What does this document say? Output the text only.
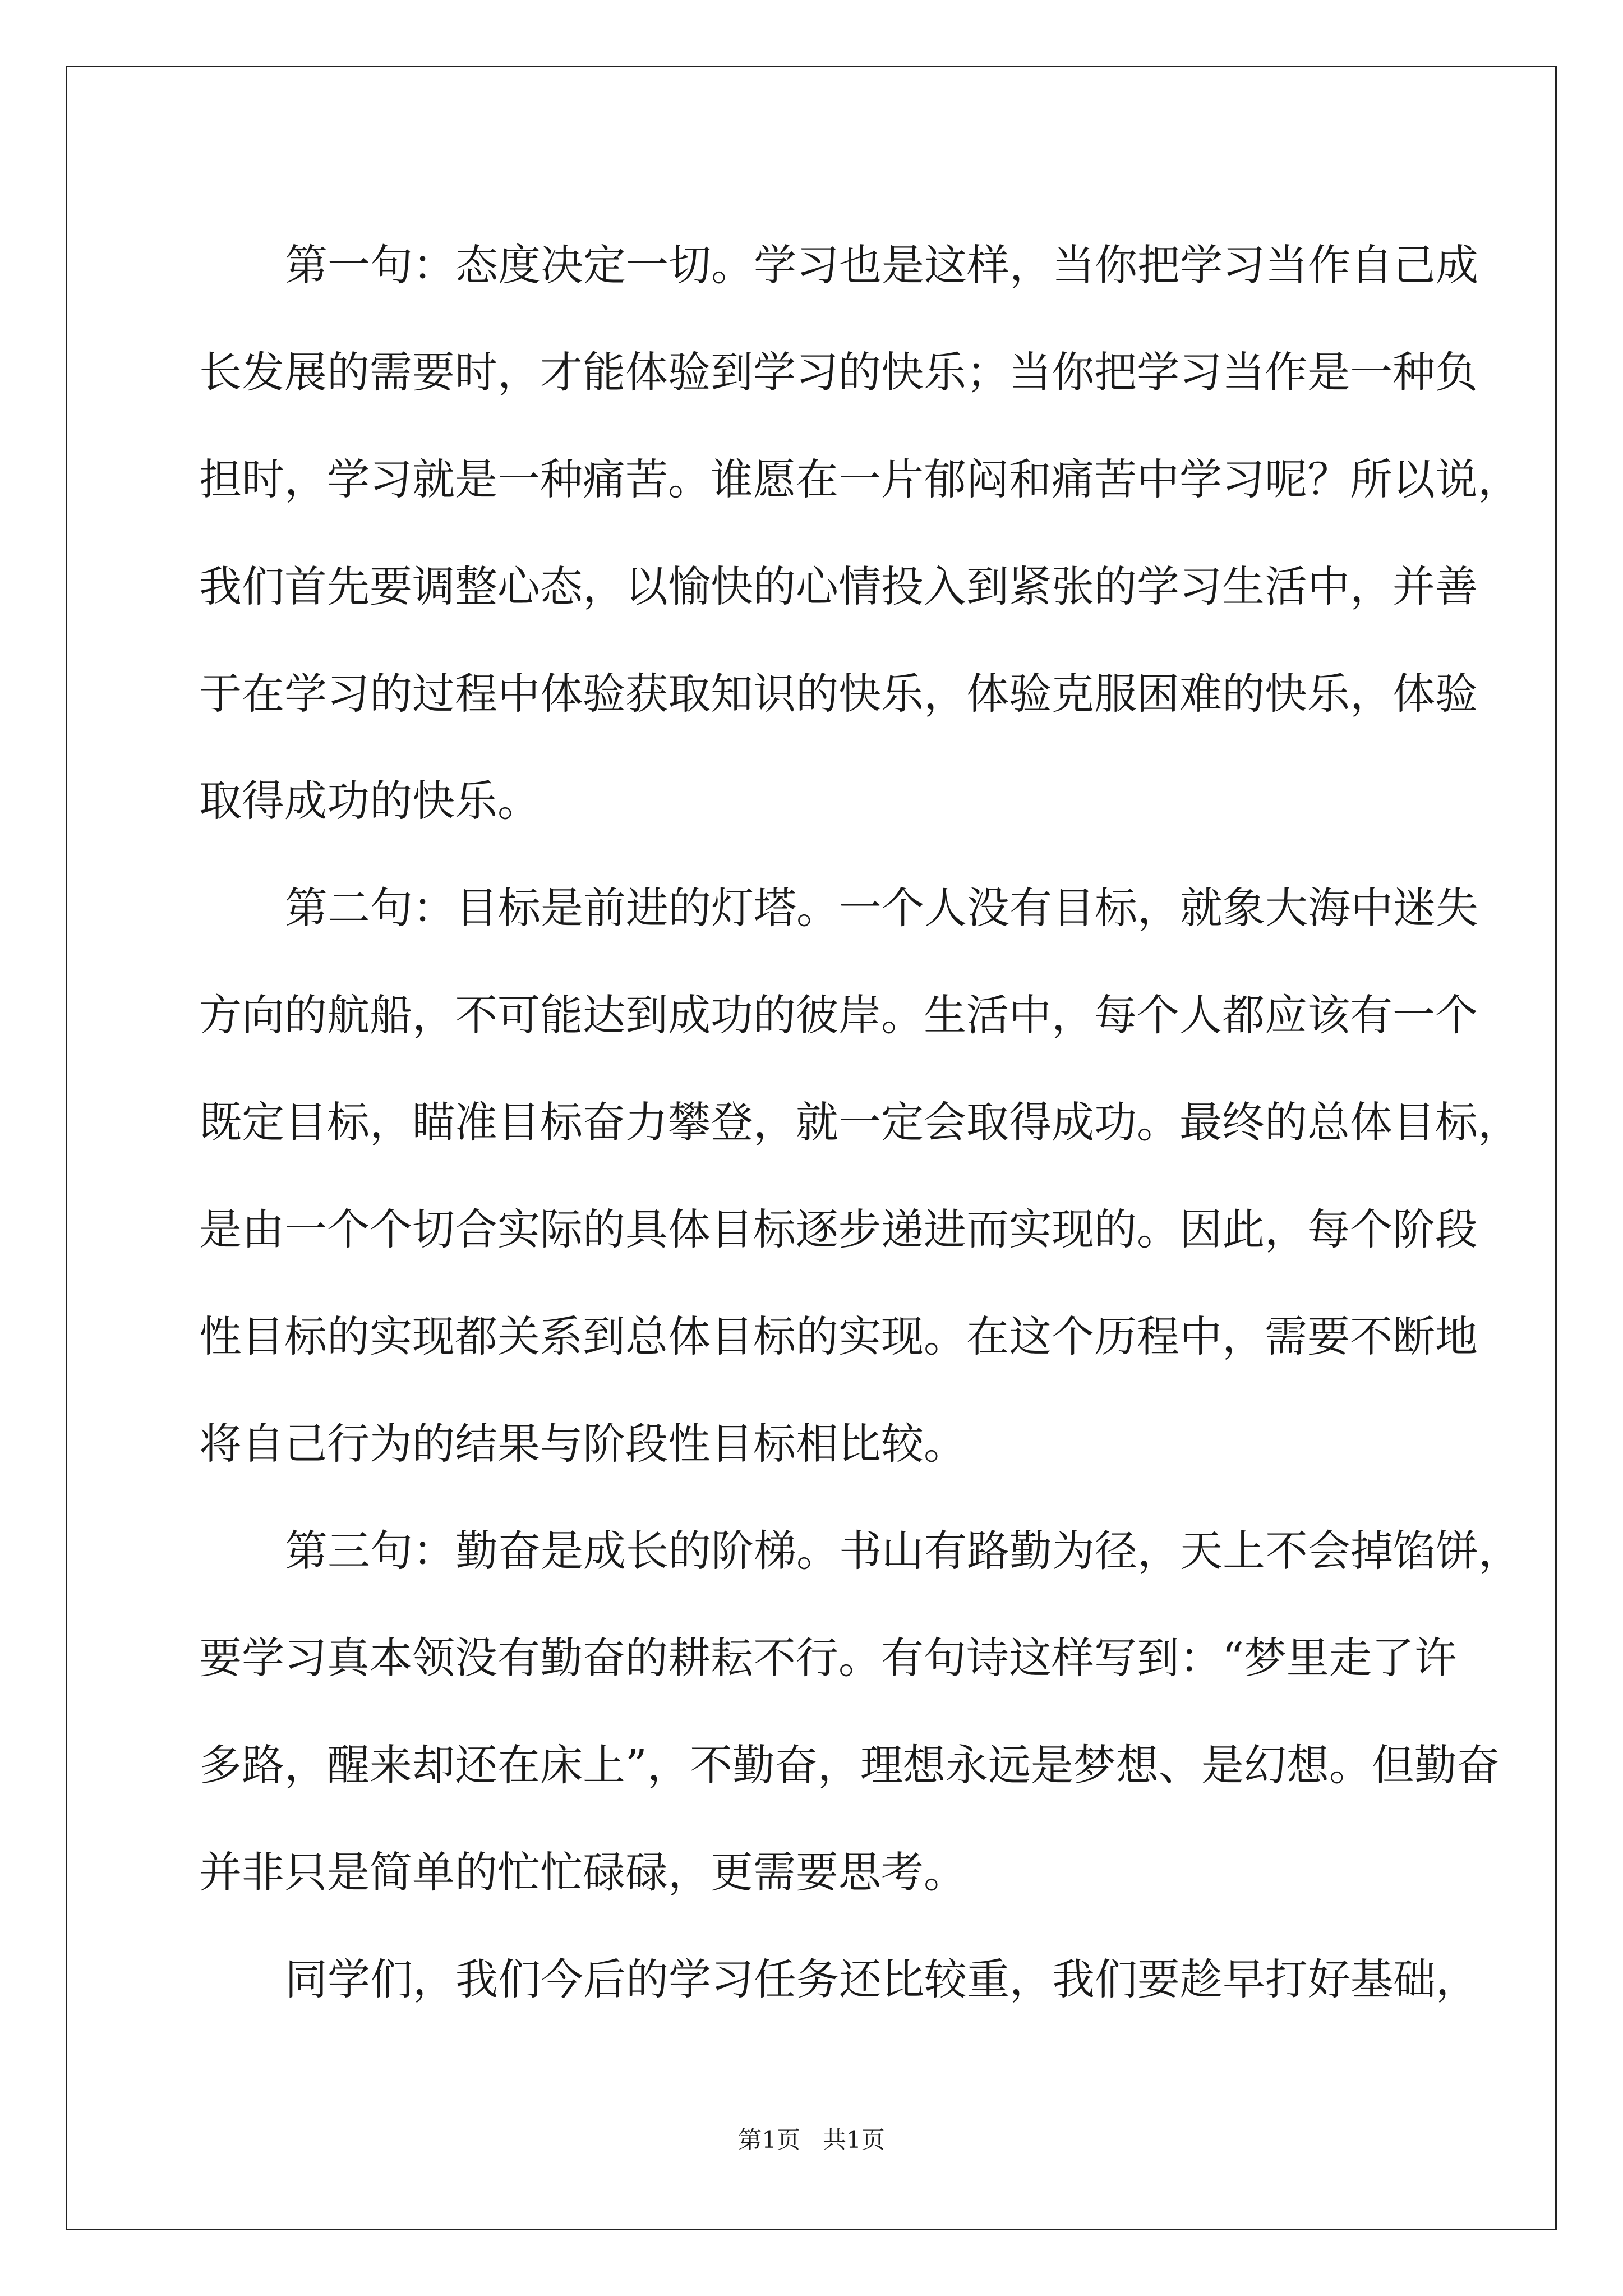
第一句：态度决定一切。学习也是这样，当你把学习当作自己成
长发展的需要时，才能体验到学习的快乐；当你把学习当作是一种负
担时，学习就是一种痛苦。谁愿在一片郁闷和痛苦中学习呢？所以说，
我们首先要调整心态，以愉快的心情投入到紧张的学习生活中，并善
于在学习的过程中体验获取知识的快乐，体验克服困难的快乐，体验
取得成功的快乐。
第二句：目标是前进的灯塔。一个人没有目标，就象大海中迷失
方向的航船，不可能达到成功的彼岸。生活中，每个人都应该有一个
既定目标，瞄准目标奋力攀登，就一定会取得成功。最终的总体目标，
是由一个个切合实际的具体目标逐步递进而实现的。因此，每个阶段
性目标的实现都关系到总体目标的实现。在这个历程中，需要不断地
将自己行为的结果与阶段性目标相比较。
第三句：勤奋是成长的阶梯。书山有路勤为径，天上不会掉馅饼，
要学习真本领没有勤奋的耕耘不行。有句诗这样写到：“梦里走了许
多路，醒来却还在床上”，不勤奋，理想永远是梦想、是幻想。但勤奋
并非只是简单的忙忙碌碌，更需要思考。
同学们，我们今后的学习任务还比较重，我们要趁早打好基础，
第1页   共1页
